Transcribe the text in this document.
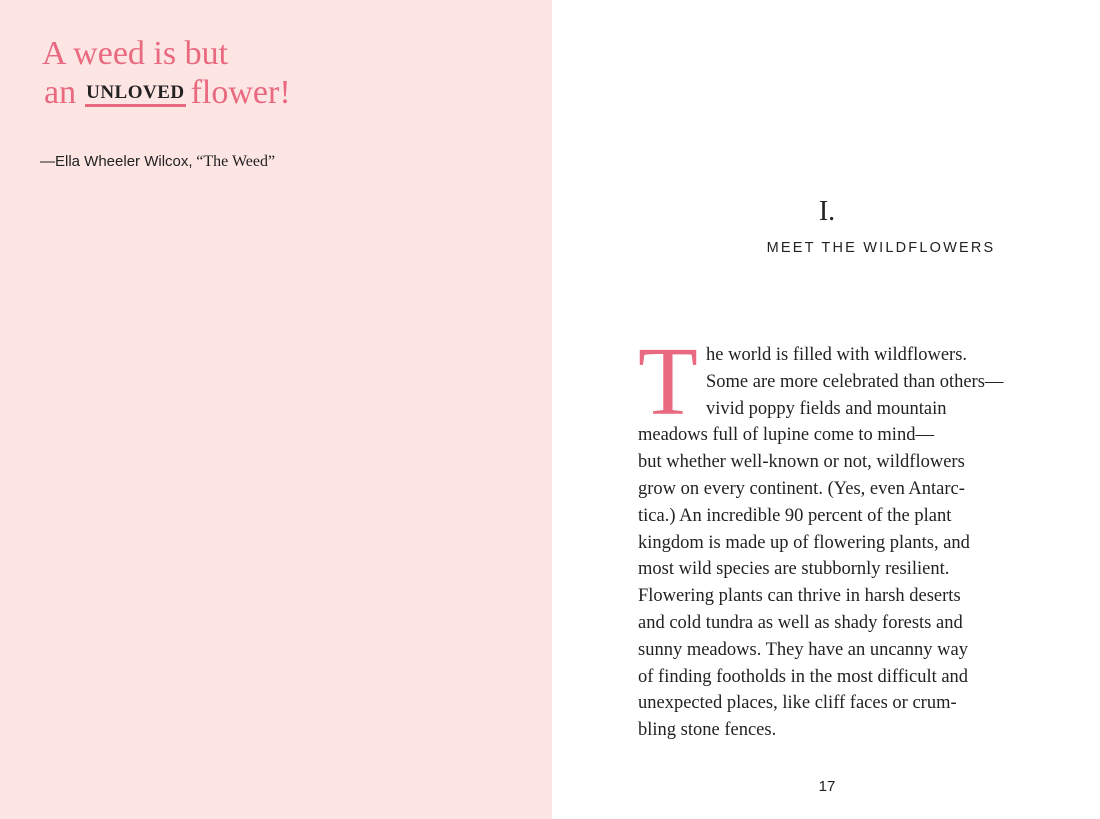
A weed is but
an UNLOVED flower!
—Ella Wheeler Wilcox, “The Weed”
I.
MEET THE WILDFLOWERS
T he world is filled with wildflowers.
Some are more celebrated than others—
vivid poppy fields and mountain
meadows full of lupine come to mind—
but whether well-known or not, wildflowers
grow on every continent. (Yes, even Antarc-
tica.) An incredible 90 percent of the plant
kingdom is made up of flowering plants, and
most wild species are stubbornly resilient.
Flowering plants can thrive in harsh deserts
and cold tundra as well as shady forests and
sunny meadows. They have an uncanny way
of finding footholds in the most difficult and
unexpected places, like cliff faces or crum-
bling stone fences.
17
